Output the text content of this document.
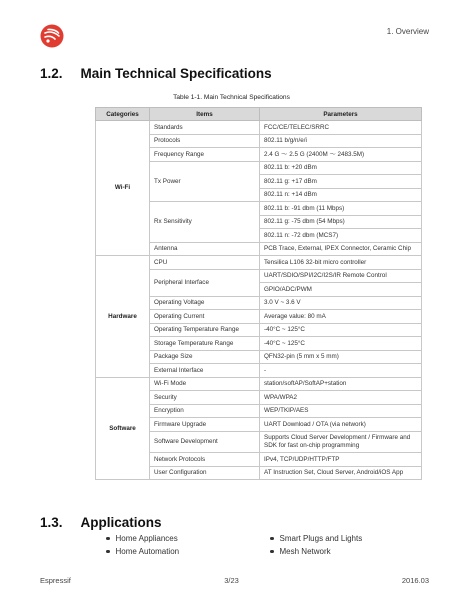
1. Overview
1.2. Main Technical Specifications
Table 1-1. Main Technical Specifications
Categories	Items	Parameters
Wi-Fi	Standards	FCC/CE/TELEC/SRRC
	Protocols	802.11 b/g/n/e/i
	Frequency Range	2.4 G ～ 2.5 G (2400M ～ 2483.5M)
	Tx Power	802.11 b: +20 dBm
		802.11 g: +17 dBm
		802.11 n: +14 dBm
	Rx Sensitivity	802.11 b: -91 dbm (11 Mbps)
		802.11 g: -75 dbm (54 Mbps)
		802.11 n: -72 dbm (MCS7)
	Antenna	PCB Trace, External, IPEX Connector, Ceramic Chip
Hardware	CPU	Tensilica L106 32-bit micro controller
	Peripheral Interface	UART/SDIO/SPI/I2C/I2S/IR Remote Control
		GPIO/ADC/PWM
	Operating Voltage	3.0 V ~ 3.6 V
	Operating Current	Average value: 80 mA
	Operating Temperature Range	-40°C ~ 125°C
	Storage Temperature Range	-40°C ~ 125°C
	Package Size	QFN32-pin (5 mm x 5 mm)
	External Interface	-
Software	Wi-Fi Mode	station/softAP/SoftAP+station
	Security	WPA/WPA2
	Encryption	WEP/TKIP/AES
	Firmware Upgrade	UART Download / OTA (via network)
	Software Development	Supports Cloud Server Development / Firmware and SDK for fast on-chip programming
	Network Protocols	IPv4, TCP/UDP/HTTP/FTP
	User Configuration	AT Instruction Set, Cloud Server, Android/iOS App
1.3. Applications
Home Appliances
Home Automation
Smart Plugs and Lights
Mesh Network
Espressif	3/23	2016.03
